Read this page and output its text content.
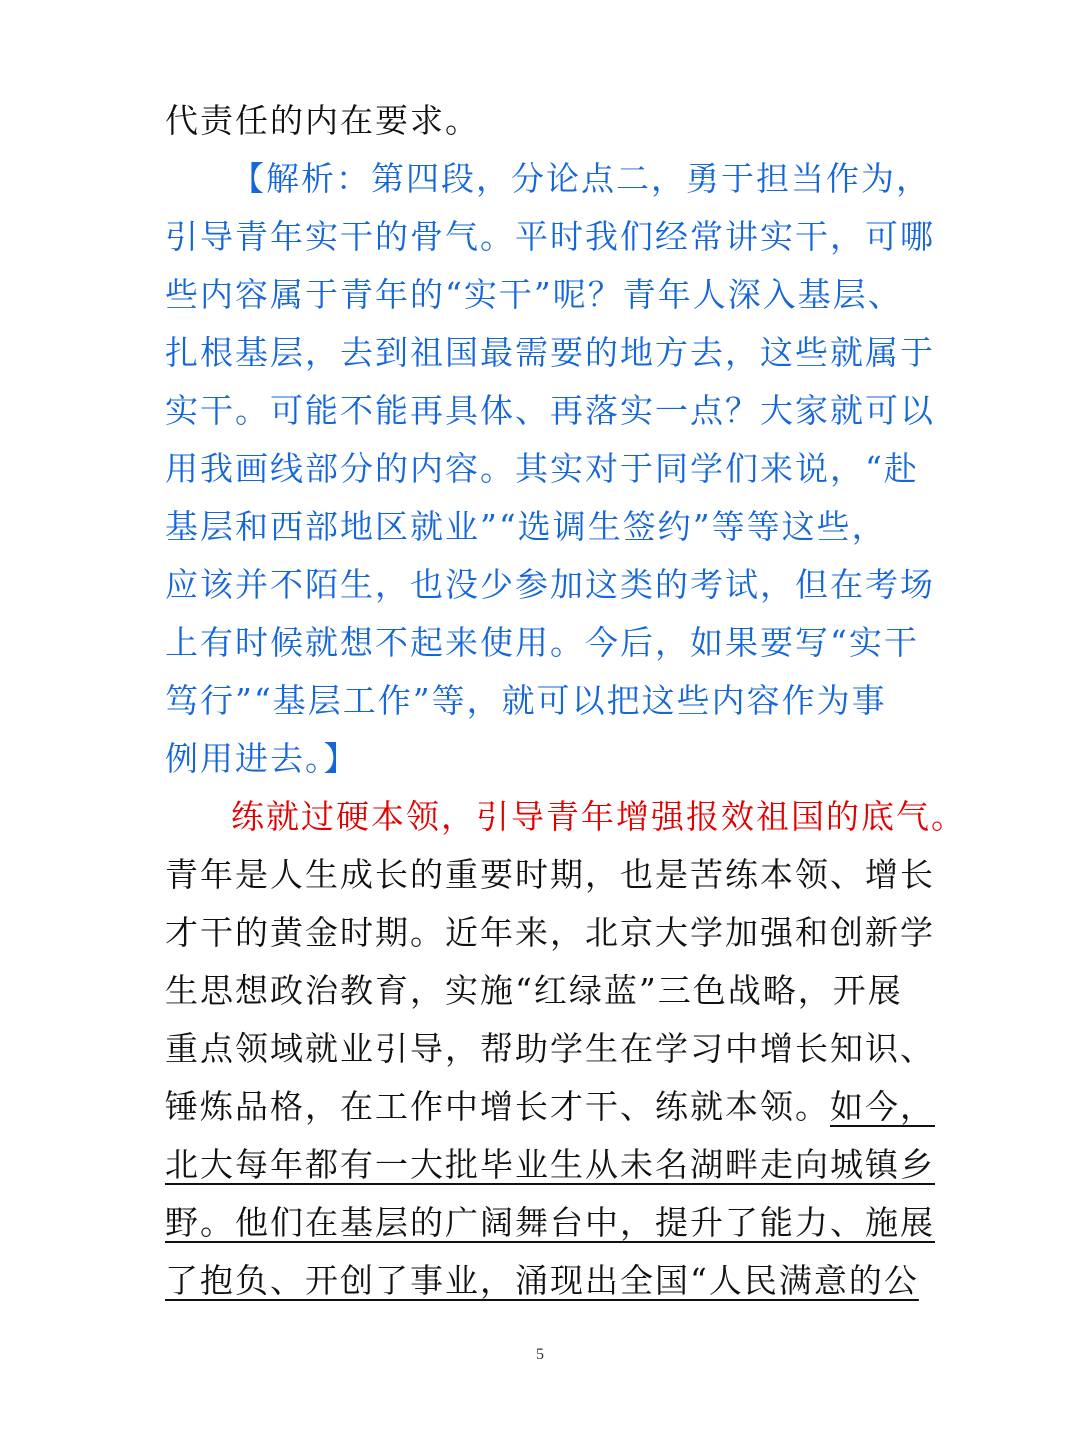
代责任的内在要求。
【解析：第四段，分论点二，勇于担当作为，
引导青年实干的骨气。平时我们经常讲实干，可哪
些内容属于青年的“实干”呢？青年人深入基层、
扎根基层，去到祖国最需要的地方去，这些就属于
实干。可能不能再具体、再落实一点？大家就可以
用我画线部分的内容。其实对于同学们来说，“赴
基层和西部地区就业”“选调生签约”等等这些，
应该并不陌生，也没少参加这类的考试，但在考场
上有时候就想不起来使用。今后，如果要写“实干
笃行”“基层工作”等，就可以把这些内容作为事
例用进去。】
练就过硬本领，引导青年增强报效祖国的底气。
青年是人生成长的重要时期，也是苦练本领、增长
才干的黄金时期。近年来，北京大学加强和创新学
生思想政治教育，实施“红绿蓝”三色战略，开展
重点领域就业引导，帮助学生在学习中增长知识、
锤炼品格，在工作中增长才干、练就本领。如今，
北大每年都有一大批毕业生从未名湖畔走向城镇乡
野。他们在基层的广阔舞台中，提升了能力、施展
了抱负、开创了事业，涌现出全国“人民满意的公
5
